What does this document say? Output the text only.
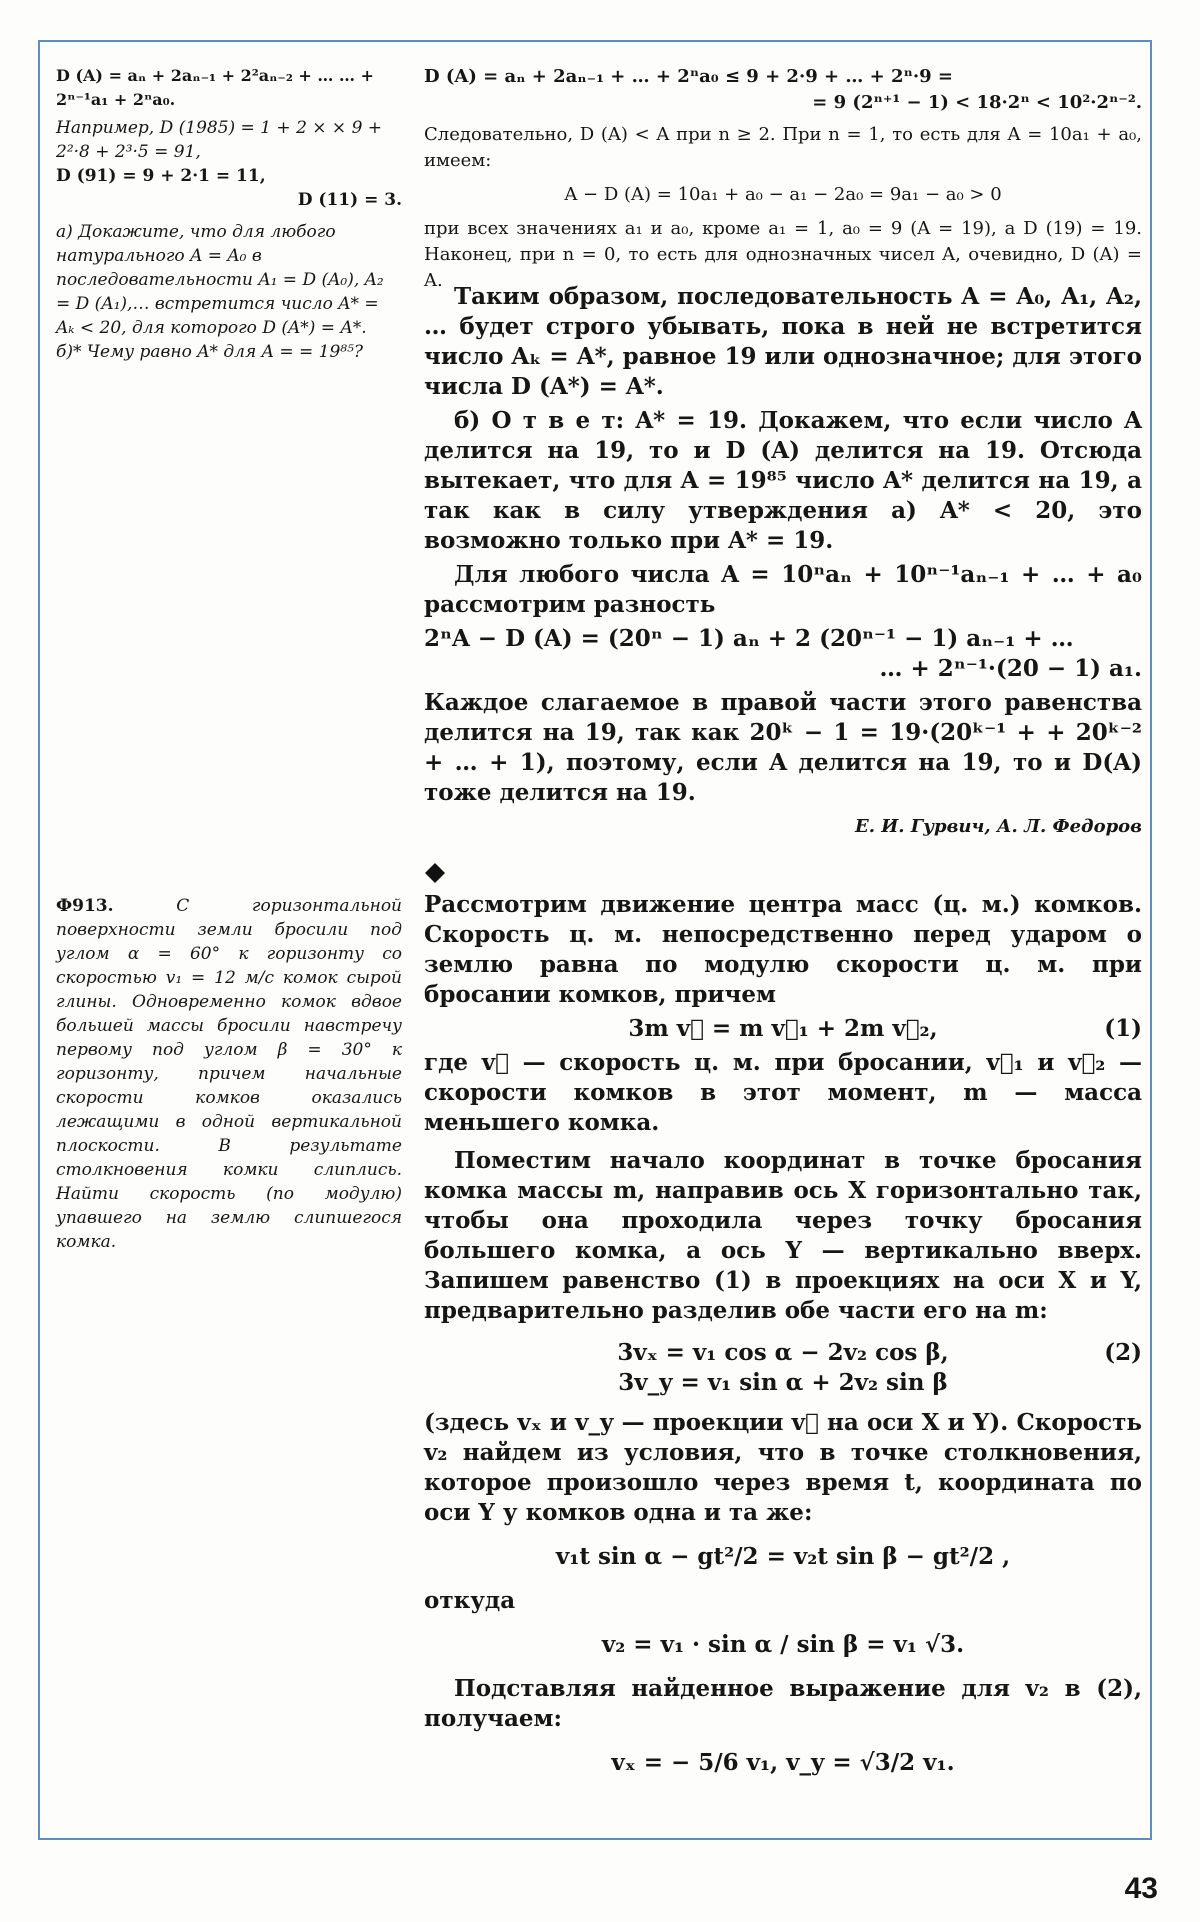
D (A) = aₙ + 2aₙ₋₁ + 2²aₙ₋₂ + … … + 2ⁿ⁻¹a₁ + 2ⁿa₀.

Например, D (1985) = 1 + 2 × × 9 + 2²·8 + 2³·5 = 91,

D (91) = 9 + 2·1 = 11,

D (11) = 3.

а) Докажите, что для любого натурального A = A₀ в последовательности A₁ = D (A₀), A₂ = D (A₁),… встретится число A* = Aₖ < 20, для которого D (A*) = A*.

б)* Чему равно A* для A = = 19⁸⁵?

D (A) = aₙ + 2aₙ₋₁ + … + 2ⁿa₀ ≤ 9 + 2·9 + … + 2ⁿ·9 =

= 9 (2ⁿ⁺¹ − 1) < 18·2ⁿ < 10²·2ⁿ⁻².

Следовательно, D (A) < A при n ≥ 2. При n = 1, то есть для A = 10a₁ + a₀, имеем:

A − D (A) = 10a₁ + a₀ − a₁ − 2a₀ = 9a₁ − a₀ > 0

при всех значениях a₁ и a₀, кроме a₁ = 1, a₀ = 9 (A = 19), а D (19) = 19. Наконец, при n = 0, то есть для однозначных чисел A, очевидно, D (A) = A.

Таким образом, последовательность A = A₀, A₁, A₂, … будет строго убывать, пока в ней не встретится число Aₖ = A*, равное 19 или однозначное; для этого числа D (A*) = A*.

б) О т в е т: A* = 19. Докажем, что если число A делится на 19, то и D (A) делится на 19. Отсюда вытекает, что для A = 19⁸⁵ число A* делится на 19, а так как в силу утверждения а) A* < 20, это возможно только при A* = 19.

Для любого числа A = 10ⁿaₙ + 10ⁿ⁻¹aₙ₋₁ + … + a₀ рассмотрим разность

2ⁿA − D (A) = (20ⁿ − 1) aₙ + 2 (20ⁿ⁻¹ − 1) aₙ₋₁ + …

… + 2ⁿ⁻¹·(20 − 1) a₁.

Каждое слагаемое в правой части этого равенства делится на 19, так как 20ᵏ − 1 = 19·(20ᵏ⁻¹ + + 20ᵏ⁻² + … + 1), поэтому, если A делится на 19, то и D(A) тоже делится на 19.

Е. И. Гурвич, А. Л. Федоров

Ф913.	С горизонтальной поверхности земли бросили под углом α = 60° к горизонту со скоростью v₁ = 12 м/с комок сырой глины. Одновременно комок вдвое большей массы бросили навстречу первому под углом β = 30° к горизонту, причем начальные скорости комков оказались лежащими в одной вертикальной плоскости. В результате столкновения комки слиплись. Найти скорость (по модулю) упавшего на землю слипшегося комка.

Рассмотрим движение центра масс (ц. м.) комков. Скорость ц. м. непосредственно перед ударом о землю равна по модулю скорости ц. м. при бросании комков, причем

3m v⃗ = m v⃗₁ + 2m v⃗₂,	(1)

где v⃗ — скорость ц. м. при бросании, v⃗₁ и v⃗₂ — скорости комков в этот момент, m — масса меньшего комка.

Поместим начало координат в точке бросания комка массы m, направив ось X горизонтально так, чтобы она проходила через точку бросания большего комка, а ось Y — вертикально вверх. Запишем равенство (1) в проекциях на оси X и Y, предварительно разделив обе части его на m:

3vₓ = v₁ cos α − 2v₂ cos β,
3v_y = v₁ sin α + 2v₂ sin β
(2)

(здесь vₓ и v_y — проекции v⃗ на оси X и Y). Скорость v₂ найдем из условия, что в точке столкновения, которое произошло через время t, координата по оси Y у комков одна и та же:

v₁t sin α − gt²/2 = v₂t sin β − gt²/2 ,

откуда

v₂ = v₁ · sin α / sin β = v₁ √3.

Подставляя найденное выражение для v₂ в (2), получаем:

vₓ = − 5/6 v₁, v_y = √3/2 v₁.
43
